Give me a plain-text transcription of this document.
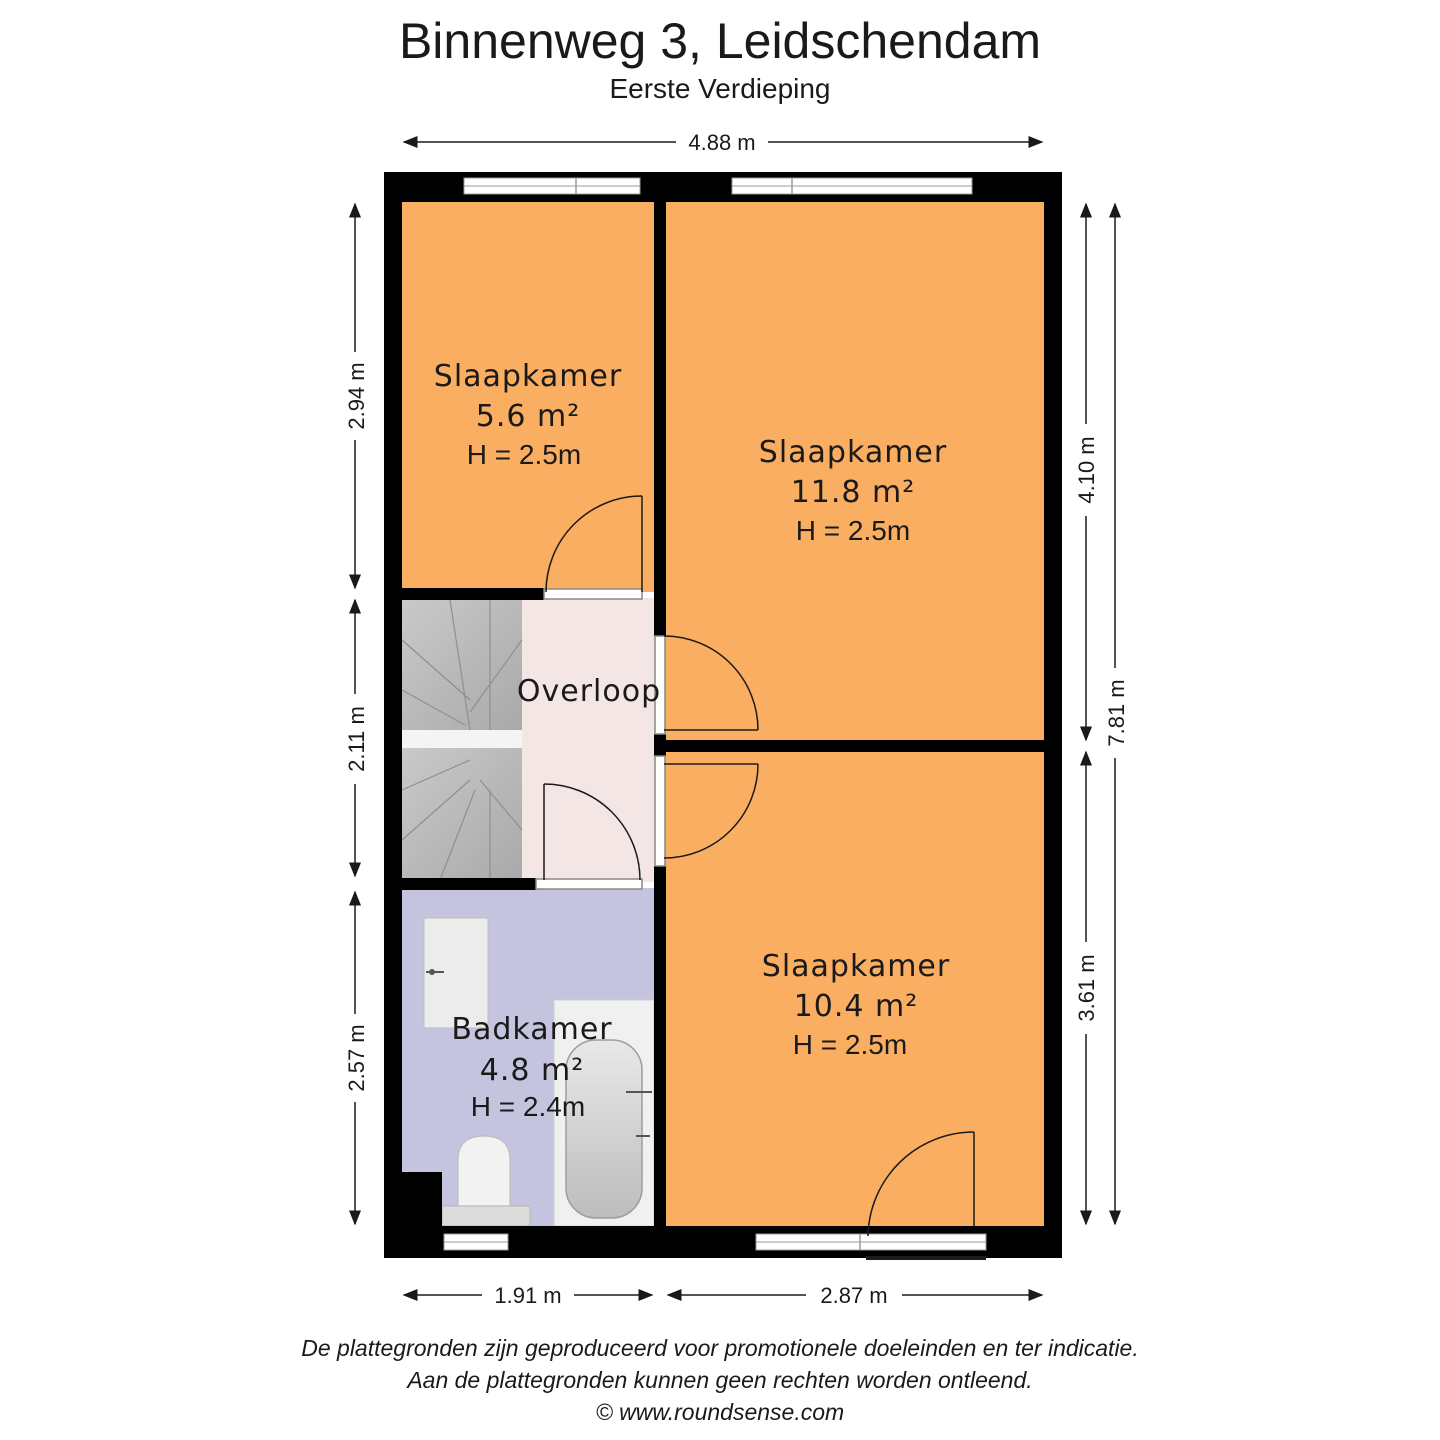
Binnenweg 3, Leidschendam
Eerste Verdieping
4.88 m
2.94 m
2.11 m
2.57 m
4.10 m
3.61 m
7.81 m
1.91 m	2.87 m
Slaapkamer
5.6 m²
H = 2.5m	Slaapkamer
11.8 m²
H = 2.5m
Overloop
Slaapkamer
10.4 m²
H = 2.5m
Badkamer
4.8 m²
H = 2.4m
De plattegronden zijn geproduceerd voor promotionele doeleinden en ter indicatie.
Aan de plattegronden kunnen geen rechten worden ontleend.
© www.roundsense.com
